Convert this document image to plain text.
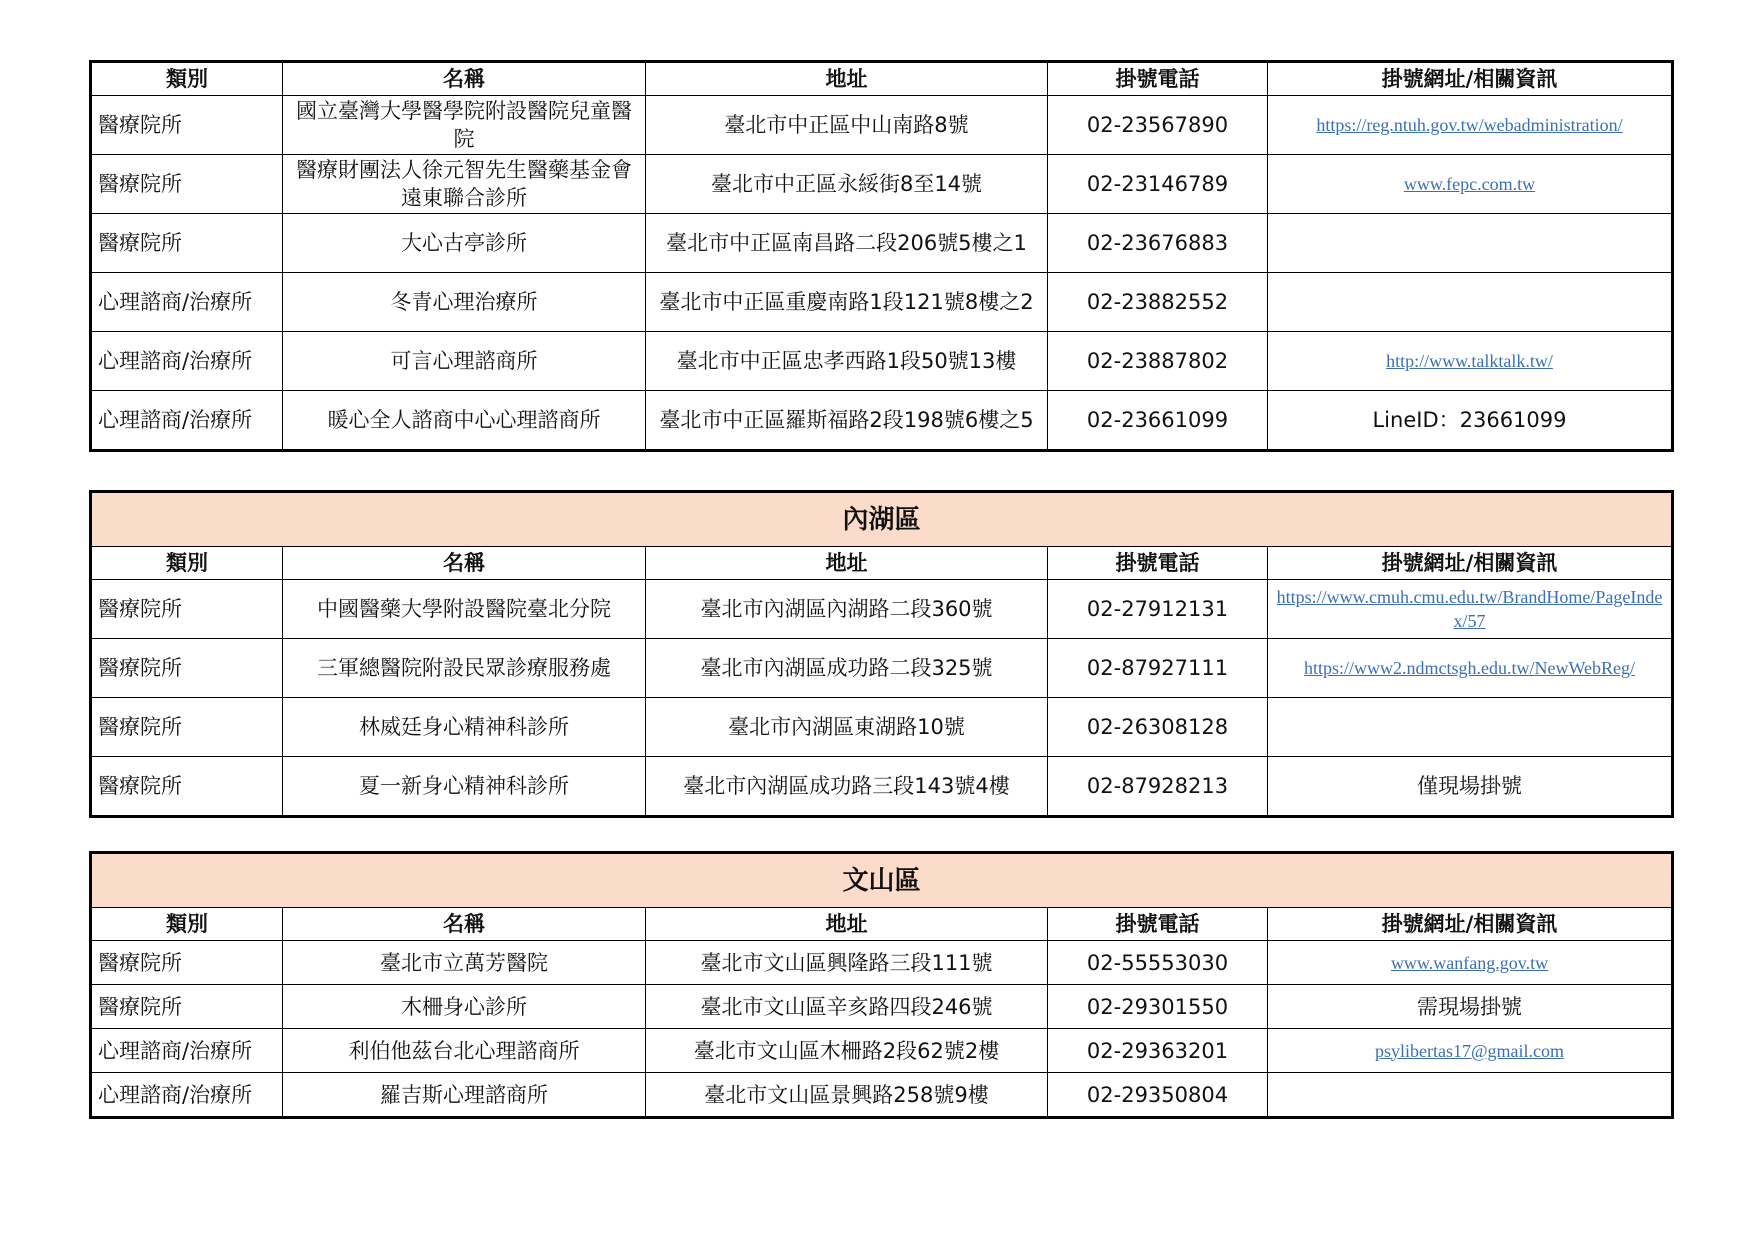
類別	名稱	地址	掛號電話	掛號網址/相關資訊
醫療院所	國立臺灣大學醫學院附設醫院兒童醫院	臺北市中正區中山南路8號	02-23567890	https://reg.ntuh.gov.tw/webadministration/
醫療院所	醫療財團法人徐元智先生醫藥基金會遠東聯合診所	臺北市中正區永綏街8至14號	02-23146789	www.fepc.com.tw
醫療院所	大心古亭診所	臺北市中正區南昌路二段206號5樓之1	02-23676883	
心理諮商/治療所	冬青心理治療所	臺北市中正區重慶南路1段121號8樓之2	02-23882552	
心理諮商/治療所	可言心理諮商所	臺北市中正區忠孝西路1段50號13樓	02-23887802	http://www.talktalk.tw/
心理諮商/治療所	暖心全人諮商中心心理諮商所	臺北市中正區羅斯福路2段198號6樓之5	02-23661099	LineID：23661099
內湖區				
類別	名稱	地址	掛號電話	掛號網址/相關資訊
醫療院所	中國醫藥大學附設醫院臺北分院	臺北市內湖區內湖路二段360號	02-27912131	https://www.cmuh.cmu.edu.tw/BrandHome/PageIndex/57
醫療院所	三軍總醫院附設民眾診療服務處	臺北市內湖區成功路二段325號	02-87927111	https://www2.ndmctsgh.edu.tw/NewWebReg/
醫療院所	林威廷身心精神科診所	臺北市內湖區東湖路10號	02-26308128	
醫療院所	夏一新身心精神科診所	臺北市內湖區成功路三段143號4樓	02-87928213	僅現場掛號
文山區				
類別	名稱	地址	掛號電話	掛號網址/相關資訊
醫療院所	臺北市立萬芳醫院	臺北市文山區興隆路三段111號	02-55553030	www.wanfang.gov.tw
醫療院所	木柵身心診所	臺北市文山區辛亥路四段246號	02-29301550	需現場掛號
心理諮商/治療所	利伯他茲台北心理諮商所	臺北市文山區木柵路2段62號2樓	02-29363201	psylibertas17@gmail.com
心理諮商/治療所	羅吉斯心理諮商所	臺北市文山區景興路258號9樓	02-29350804	
